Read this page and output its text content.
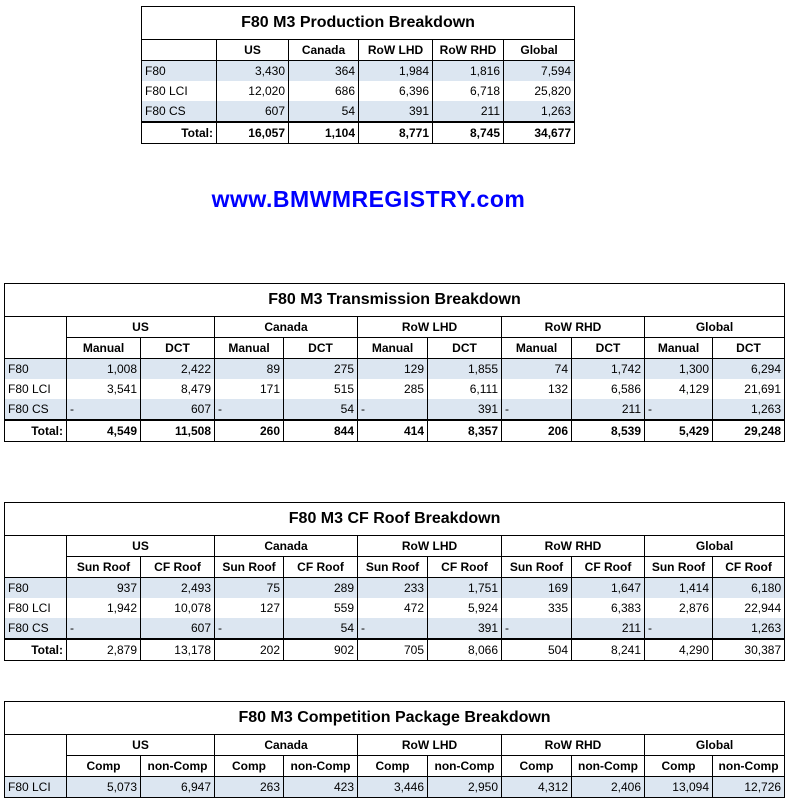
F80 M3 Production Breakdown					
	US	Canada	RoW LHD	RoW RHD	Global
F80	3,430	364	1,984	1,816	7,594
F80 LCI	12,020	686	6,396	6,718	25,820
F80 CS	607	54	391	211	1,263
Total:	16,057	1,104	8,771	8,745	34,677
www.BMWMREGISTRY.com
F80 M3 Transmission Breakdown										
	US		Canada		RoW LHD		RoW RHD		Global	
	Manual	DCT	Manual	DCT	Manual	DCT	Manual	DCT	Manual	DCT
F80	1,008	2,422	89	275	129	1,855	74	1,742	1,300	6,294
F80 LCI	3,541	8,479	171	515	285	6,111	132	6,586	4,129	21,691
F80 CS	-	607	-	54	-	391	-	211	-	1,263
Total:	4,549	11,508	260	844	414	8,357	206	8,539	5,429	29,248
F80 M3 CF Roof Breakdown										
	US		Canada		RoW LHD		RoW RHD		Global	
	Sun Roof	CF Roof	Sun Roof	CF Roof	Sun Roof	CF Roof	Sun Roof	CF Roof	Sun Roof	CF Roof
F80	937	2,493	75	289	233	1,751	169	1,647	1,414	6,180
F80 LCI	1,942	10,078	127	559	472	5,924	335	6,383	2,876	22,944
F80 CS	-	607	-	54	-	391	-	211	-	1,263
Total:	2,879	13,178	202	902	705	8,066	504	8,241	4,290	30,387
F80 M3 Competition Package Breakdown										
	US		Canada		RoW LHD		RoW RHD		Global	
	Comp	non-Comp	Comp	non-Comp	Comp	non-Comp	Comp	non-Comp	Comp	non-Comp
F80 LCI	5,073	6,947	263	423	3,446	2,950	4,312	2,406	13,094	12,726
